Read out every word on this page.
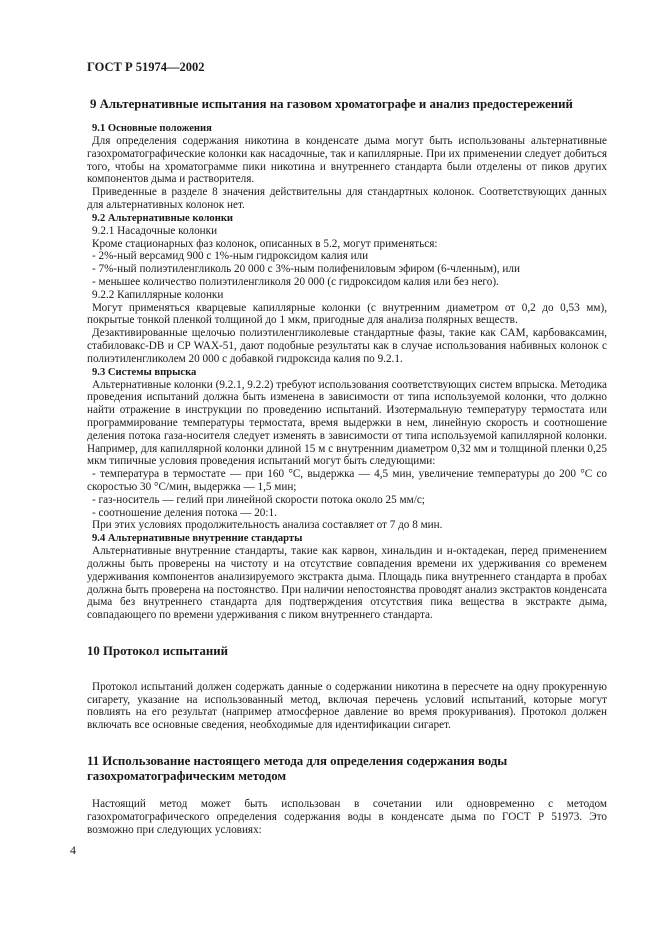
ГОСТ Р 51974—2002
9 Альтернативные испытания на газовом хроматографе и анализ предостережений
9.1 Основные положения

Для определения содержания никотина в конденсате дыма могут быть использованы альтернативные газохроматографические колонки как насадочные, так и капиллярные. При их применении следует добиться того, чтобы на хроматограмме пики никотина и внутреннего стандарта были отделены от пиков других компонентов дыма и растворителя.

Приведенные в разделе 8 значения действительны для стандартных колонок. Соответствующих данных для альтернативных колонок нет.

9.2 Альтернативные колонки
9.2.1 Насадочные колонки
Кроме стационарных фаз колонок, описанных в 5.2, могут применяться:
- 2%-ный версамид 900 с 1%-ным гидроксидом калия или
- 7%-ный полиэтиленгликоль 20 000 с 3%-ным полифениловым эфиром (6-членным), или
- меньшее количество полиэтиленгликоля 20 000 (с гидроксидом калия или без него).
9.2.2 Капиллярные колонки

Могут применяться кварцевые капиллярные колонки (с внутренним диаметром от 0,2 до 0,53 мм), покрытые тонкой пленкой толщиной до 1 мкм, пригодные для анализа полярных веществ.

Дезактивированные щелочью полиэтиленгликолевые стандартные фазы, такие как CAM, карбоваксамин, стабиловакс-DB и CP WAX-51, дают подобные результаты как в случае использования набивных колонок с полиэтиленгликолем 20 000 с добавкой гидроксида калия по 9.2.1.

9.3 Системы впрыска

Альтернативные колонки (9.2.1, 9.2.2) требуют использования соответствующих систем впрыска. Методика проведения испытаний должна быть изменена в зависимости от типа используемой колонки, что должно найти отражение в инструкции по проведению испытаний. Изотермальную температуру термостата или программирование температуры термостата, время выдержки в нем, линейную скорость и соотношение деления потока газа-носителя следует изменять в зависимости от типа используемой капиллярной колонки. Например, для капиллярной колонки длиной 15 м с внутренним диаметром 0,32 мм и толщиной пленки 0,25 мкм типичные условия проведения испытаний могут быть следующими:

- температура в термостате — при 160 °С, выдержка — 4,5 мин, увеличение температуры до 200 °С со скоростью 30 °С/мин, выдержка — 1,5 мин;

- газ-носитель — гелий при линейной скорости потока около 25 мм/с;
- соотношение деления потока — 20:1.
При этих условиях продолжительность анализа составляет от 7 до 8 мин.
9.4 Альтернативные внутренние стандарты

Альтернативные внутренние стандарты, такие как карвон, хинальдин и н-октадекан, перед применением должны быть проверены на чистоту и на отсутствие совпадения времени их удерживания со временем удерживания компонентов анализируемого экстракта дыма. Площадь пика внутреннего стандарта в пробах должна быть проверена на постоянство. При наличии непостоянства проводят анализ экстрактов конденсата дыма без внутреннего стандарта для подтверждения отсутствия пика вещества в экстракте дыма, совпадающего по времени удерживания с пиком внутреннего стандарта.

10 Протокол испытаний

Протокол испытаний должен содержать данные о содержании никотина в пересчете на одну прокуренную сигарету, указание на использованный метод, включая перечень условий испытаний, которые могут повлиять на его результат (например атмосферное давление во время прокуривания). Протокол должен включать все основные сведения, необходимые для идентификации сигарет.

11 Использование настоящего метода для определения содержания воды газохроматографическим методом

Настоящий метод может быть использован в сочетании или одновременно с методом газохроматографического определения содержания воды в конденсате дыма по ГОСТ Р 51973. Это возможно при следующих условиях:

4
